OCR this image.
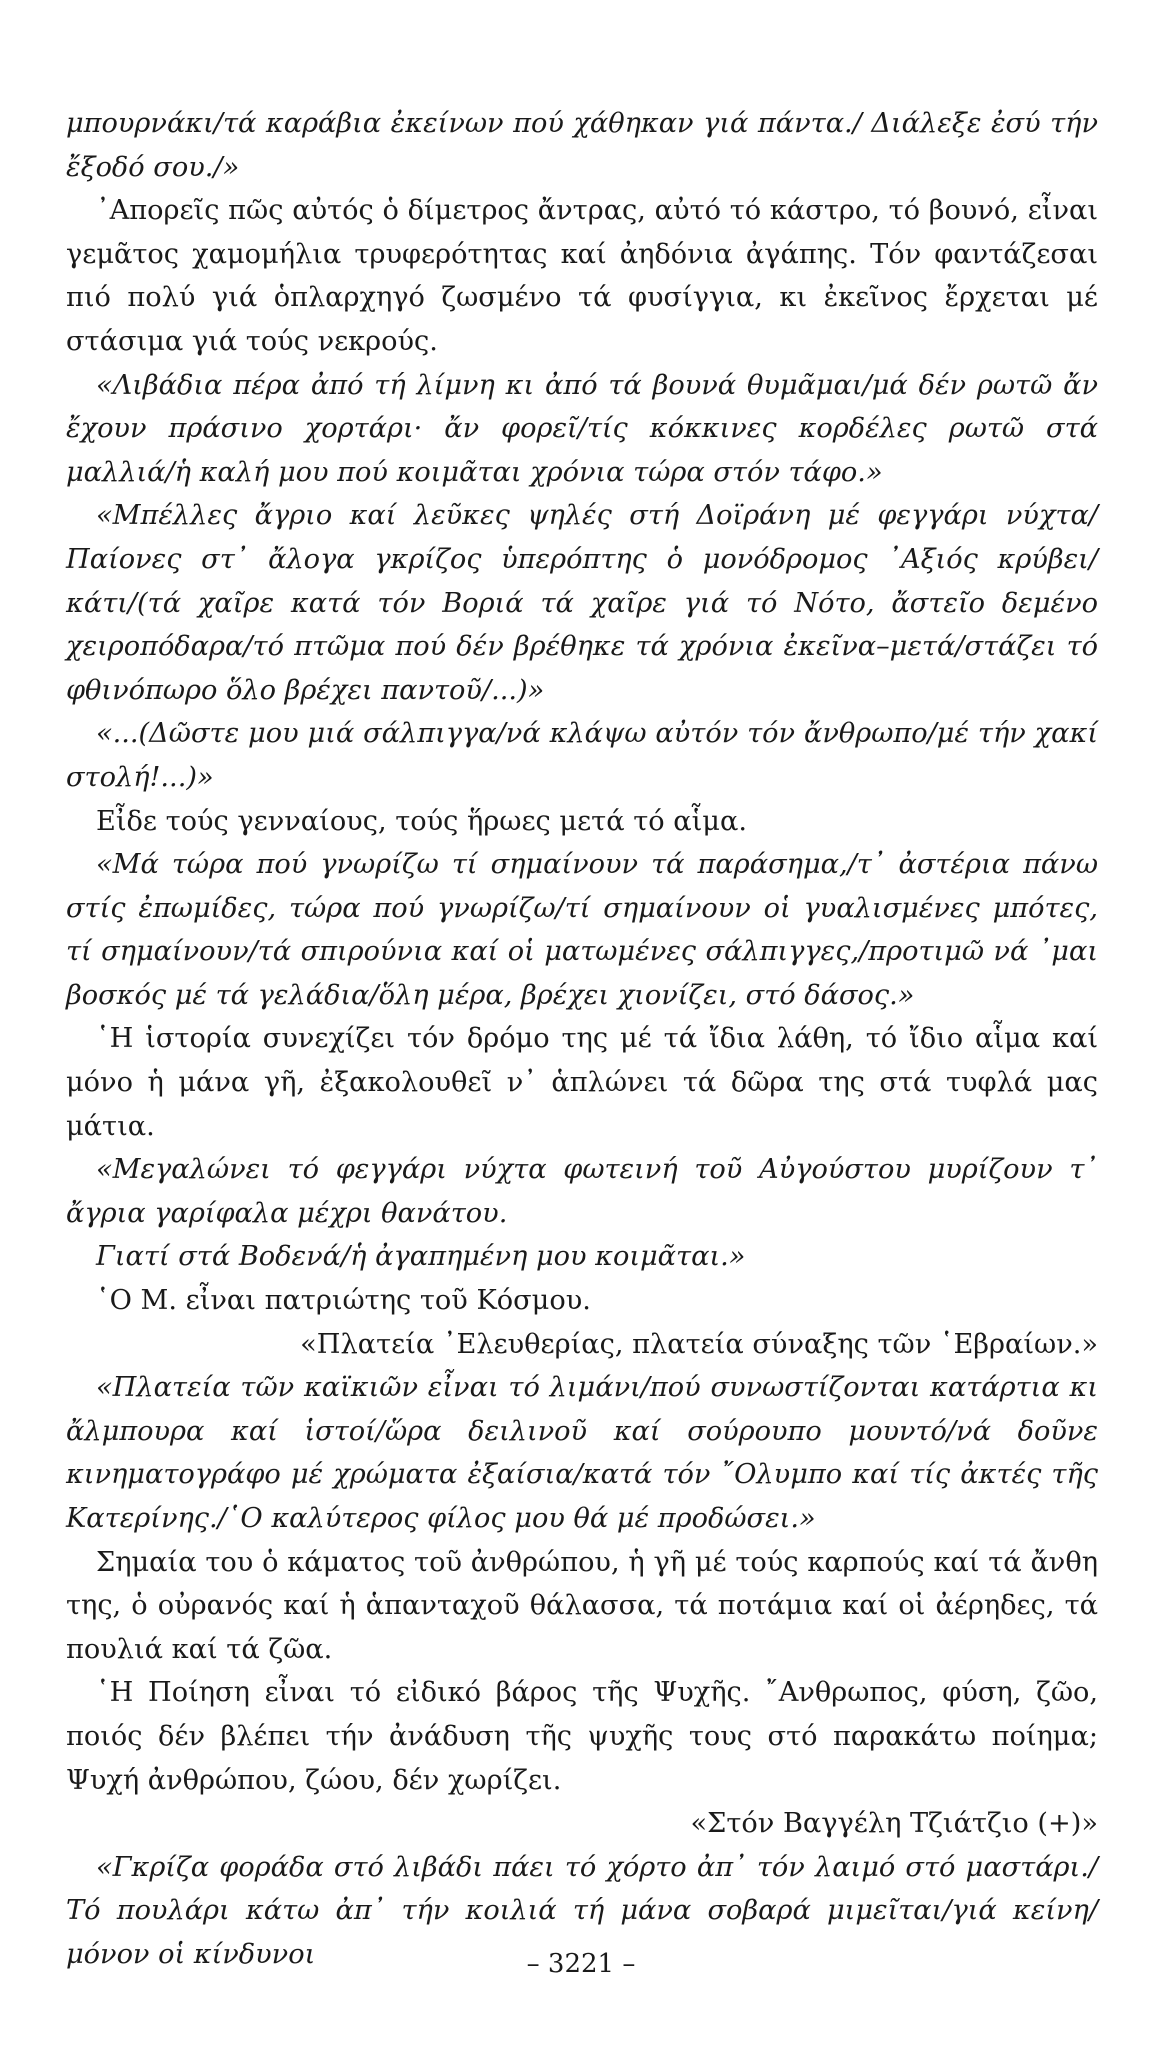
μπουρνάκι/τά καράβια ἐκείνων πού χάθηκαν γιά πάντα./ Διάλεξε ἐσύ τήν ἔξοδό σου./»

᾿Απορεῖς πῶς αὐτός ὁ δίμετρος ἄντρας, αὐτό τό κάστρο, τό βουνό, εἶναι γεμᾶτος χαμομήλια τρυφερότητας καί ἀηδόνια ἀγάπης. Τόν φαντάζεσαι πιό πολύ γιά ὁπλαρχηγό ζωσμένο τά φυσίγγια, κι ἐκεῖνος ἔρχεται μέ στάσιμα γιά τούς νεκρούς.

«Λιβάδια πέρα ἀπό τή λίμνη κι ἀπό τά βουνά θυμᾶμαι/μά δέν ρωτῶ ἄν ἔχουν πράσινο χορτάρι· ἄν φορεῖ/τίς κόκκινες κορδέλες ρωτῶ στά μαλλιά/ἡ καλή μου πού κοιμᾶται χρόνια τώρα στόν τάφο.»

«Μπέλλες ἄγριο καί λεῦκες ψηλές στή Δοϊράνη μέ φεγγάρι νύχτα/Παίονες στ᾿ ἄλογα γκρίζος ὑπερόπτης ὁ μονόδρομος ᾿Αξιός κρύβει/κάτι/(τά χαῖρε κατά τόν Βοριά τά χαῖρε γιά τό Νότο, ἄστεῖο δεμένο χειροπόδαρα/τό πτῶμα πού δέν βρέθηκε τά χρόνια ἐκεῖνα–μετά/στάζει τό φθινόπωρο ὅλο βρέχει παντοῦ/...)»

«...(Δῶστε μου μιά σάλπιγγα/νά κλάψω αὐτόν τόν ἄνθρωπο/μέ τήν χακί στολή!...)»

Εἶδε τούς γενναίους, τούς ἥρωες μετά τό αἷμα.

«Μά τώρα πού γνωρίζω τί σημαίνουν τά παράσημα,/τ᾿ ἀστέρια πάνω στίς ἐπωμίδες, τώρα πού γνωρίζω/τί σημαίνουν οἱ γυαλισμένες μπότες, τί σημαίνουν/τά σπιρούνια καί οἱ ματωμένες σάλπιγγες,/προτιμῶ νά ᾿μαι βοσκός μέ τά γελάδια/ὅλη μέρα, βρέχει χιονίζει, στό δάσος.»

῾Η ἱστορία συνεχίζει τόν δρόμο της μέ τά ἴδια λάθη, τό ἴδιο αἷμα καί μόνο ἡ μάνα γῆ, ἐξακολουθεῖ ν᾿ ἁπλώνει τά δῶρα της στά τυφλά μας μάτια.

«Μεγαλώνει τό φεγγάρι νύχτα φωτεινή τοῦ Αὐγούστου μυρίζουν τ᾿ ἄγρια γαρίφαλα μέχρι θανάτου.

Γιατί στά Βοδενά/ἡ ἀγαπημένη μου κοιμᾶται.»

῾Ο Μ. εἶναι πατριώτης τοῦ Κόσμου.

«Πλατεία ᾿Ελευθερίας, πλατεία σύναξης τῶν ῾Εβραίων.»

«Πλατεία τῶν καϊκιῶν εἶναι τό λιμάνι/πού συνωστίζονται κατάρτια κι ἄλμπουρα καί ἱστοί/ὥρα δειλινοῦ καί σούρουπο μουντό/νά δοῦνε κινηματογράφο μέ χρώματα ἐξαίσια/κατά τόν ῎Ολυμπο καί τίς ἀκτές τῆς Κατερίνης./῾Ο καλύτερος φίλος μου θά μέ προδώσει.»

Σημαία του ὁ κάματος τοῦ ἀνθρώπου, ἡ γῆ μέ τούς καρπούς καί τά ἄνθη της, ὁ οὐρανός καί ἡ ἁπανταχοῦ θάλασσα, τά ποτάμια καί οἱ ἀέρηδες, τά πουλιά καί τά ζῶα.

῾Η Ποίηση εἶναι τό εἰδικό βάρος τῆς Ψυχῆς. ῎Ανθρωπος, φύση, ζῶο, ποιός δέν βλέπει τήν ἀνάδυση τῆς ψυχῆς τους στό παρακάτω ποίημα; Ψυχή ἀνθρώπου, ζώου, δέν χωρίζει.

«Στόν Βαγγέλη Τζιάτζιο (+)»

«Γκρίζα φοράδα στό λιβάδι πάει τό χόρτο ἀπ᾿ τόν λαιμό στό μαστάρι./Τό πουλάρι κάτω ἀπ᾿ τήν κοιλιά τή μάνα σοβαρά μιμεῖται/γιά κείνη/μόνον οἱ κίνδυνοι	– 3221 –
